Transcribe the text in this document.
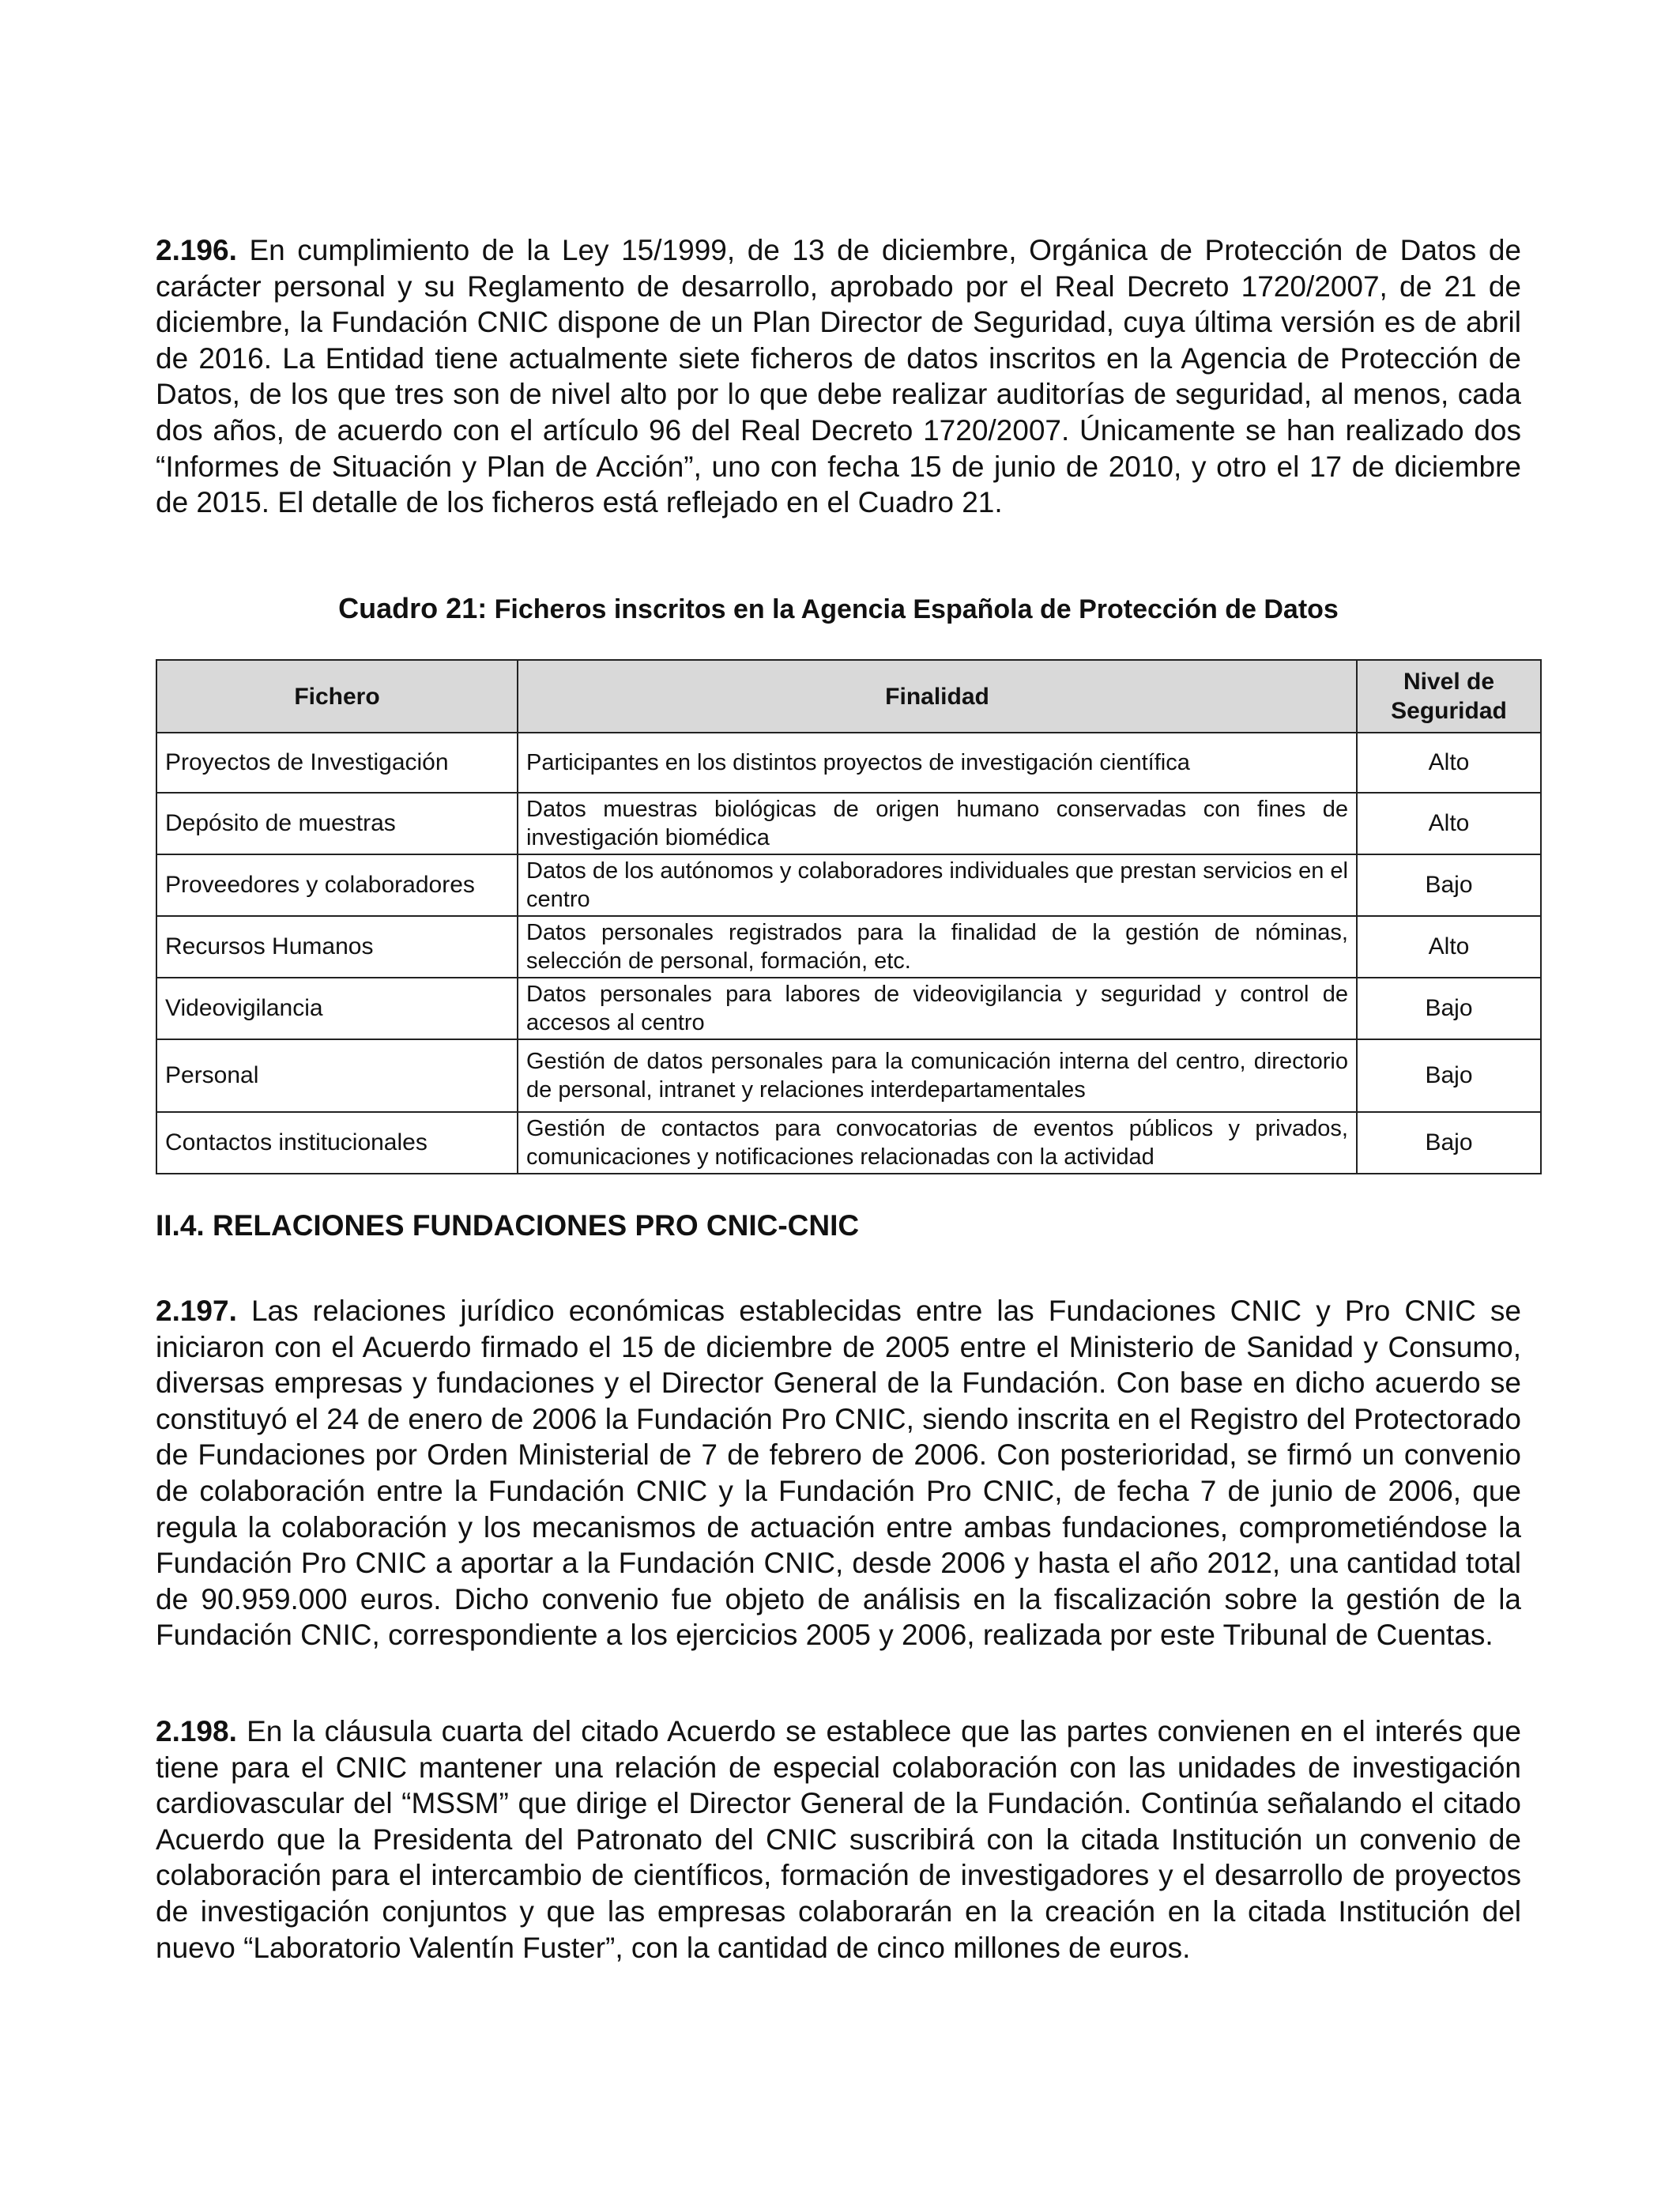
2.196. En cumplimiento de la Ley 15/1999, de 13 de diciembre, Orgánica de Protección de Datos de carácter personal y su Reglamento de desarrollo, aprobado por el Real Decreto 1720/2007, de 21 de diciembre, la Fundación CNIC dispone de un Plan Director de Seguridad, cuya última versión es de abril de 2016. La Entidad tiene actualmente siete ficheros de datos inscritos en la Agencia de Protección de Datos, de los que tres son de nivel alto por lo que debe realizar auditorías de seguridad, al menos, cada dos años, de acuerdo con el artículo 96 del Real Decreto 1720/2007. Únicamente se han realizado dos “Informes de Situación y Plan de Acción”, uno con fecha 15 de junio de 2010, y otro el 17 de diciembre de 2015. El detalle de los ficheros está reflejado en el Cuadro 21.

Cuadro 21: Ficheros inscritos en la Agencia Española de Protección de Datos

Fichero	Finalidad	Nivel de Seguridad
Proyectos de Investigación	Participantes en los distintos proyectos de investigación científica	Alto
Depósito de muestras	Datos muestras biológicas de origen humano conservadas con fines de investigación biomédica	Alto
Proveedores y colaboradores	Datos de los autónomos y colaboradores individuales que prestan servicios en el centro	Bajo
Recursos Humanos	Datos personales registrados para la finalidad de la gestión de nóminas, selección de personal, formación, etc.	Alto
Videovigilancia	Datos personales para labores de videovigilancia y seguridad y control de accesos al centro	Bajo
Personal	Gestión de datos personales para la comunicación interna del centro, directorio de personal, intranet y relaciones interdepartamentales	Bajo
Contactos institucionales	Gestión de contactos para convocatorias de eventos públicos y privados, comunicaciones y notificaciones relacionadas con la actividad	Bajo

II.4. RELACIONES FUNDACIONES PRO CNIC-CNIC

2.197. Las relaciones jurídico económicas establecidas entre las Fundaciones CNIC y Pro CNIC se iniciaron con el Acuerdo firmado el 15 de diciembre de 2005 entre el Ministerio de Sanidad y Consumo, diversas empresas y fundaciones y el Director General de la Fundación. Con base en dicho acuerdo se constituyó el 24 de enero de 2006 la Fundación Pro CNIC, siendo inscrita en el Registro del Protectorado de Fundaciones por Orden Ministerial de 7 de febrero de 2006. Con posterioridad, se firmó un convenio de colaboración entre la Fundación CNIC y la Fundación Pro CNIC, de fecha 7 de junio de 2006, que regula la colaboración y los mecanismos de actuación entre ambas fundaciones, comprometiéndose la Fundación Pro CNIC a aportar a la Fundación CNIC, desde 2006 y hasta el año 2012, una cantidad total de 90.959.000 euros. Dicho convenio fue objeto de análisis en la fiscalización sobre la gestión de la Fundación CNIC, correspondiente a los ejercicios 2005 y 2006, realizada por este Tribunal de Cuentas.

2.198. En la cláusula cuarta del citado Acuerdo se establece que las partes convienen en el interés que tiene para el CNIC mantener una relación de especial colaboración con las unidades de investigación cardiovascular del “MSSM” que dirige el Director General de la Fundación. Continúa señalando el citado Acuerdo que la Presidenta del Patronato del CNIC suscribirá con la citada Institución un convenio de colaboración para el intercambio de científicos, formación de investigadores y el desarrollo de proyectos de investigación conjuntos y que las empresas colaborarán en la creación en la citada Institución del nuevo “Laboratorio Valentín Fuster”, con la cantidad de cinco millones de euros.
